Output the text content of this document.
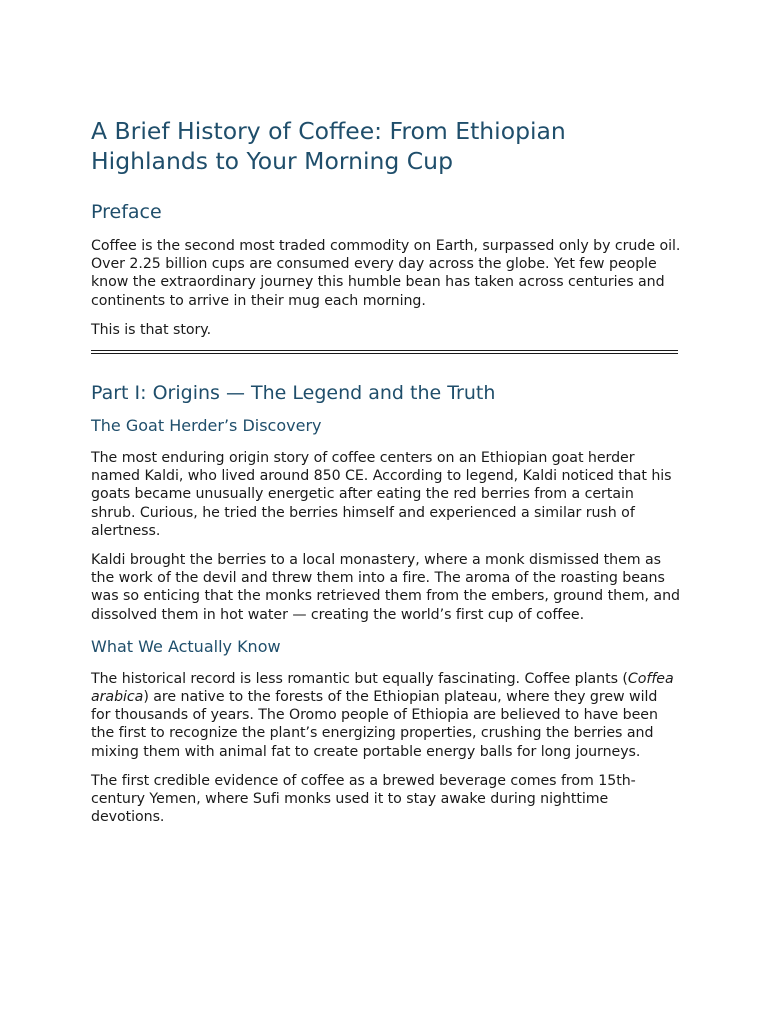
A Brief History of Coffee: From Ethiopian Highlands to Your Morning Cup
Preface

Coffee is the second most traded commodity on Earth, surpassed only by crude oil. Over 2.25 billion cups are consumed every day across the globe. Yet few people know the extraordinary journey this humble bean has taken across centuries and continents to arrive in their mug each morning.

This is that story.

Part I: Origins — The Legend and the Truth
The Goat Herder’s Discovery

The most enduring origin story of coffee centers on an Ethiopian goat herder named Kaldi, who lived around 850 CE. According to legend, Kaldi noticed that his goats became unusually energetic after eating the red berries from a certain shrub. Curious, he tried the berries himself and experienced a similar rush of alertness.

Kaldi brought the berries to a local monastery, where a monk dismissed them as the work of the devil and threw them into a fire. The aroma of the roasting beans was so enticing that the monks retrieved them from the embers, ground them, and dissolved them in hot water — creating the world’s first cup of coffee.

What We Actually Know

The historical record is less romantic but equally fascinating. Coffee plants (Coffea arabica) are native to the forests of the Ethiopian plateau, where they grew wild for thousands of years. The Oromo people of Ethiopia are believed to have been the first to recognize the plant’s energizing properties, crushing the berries and mixing them with animal fat to create portable energy balls for long journeys.

The first credible evidence of coffee as a brewed beverage comes from 15th-century Yemen, where Sufi monks used it to stay awake during nighttime devotions.
